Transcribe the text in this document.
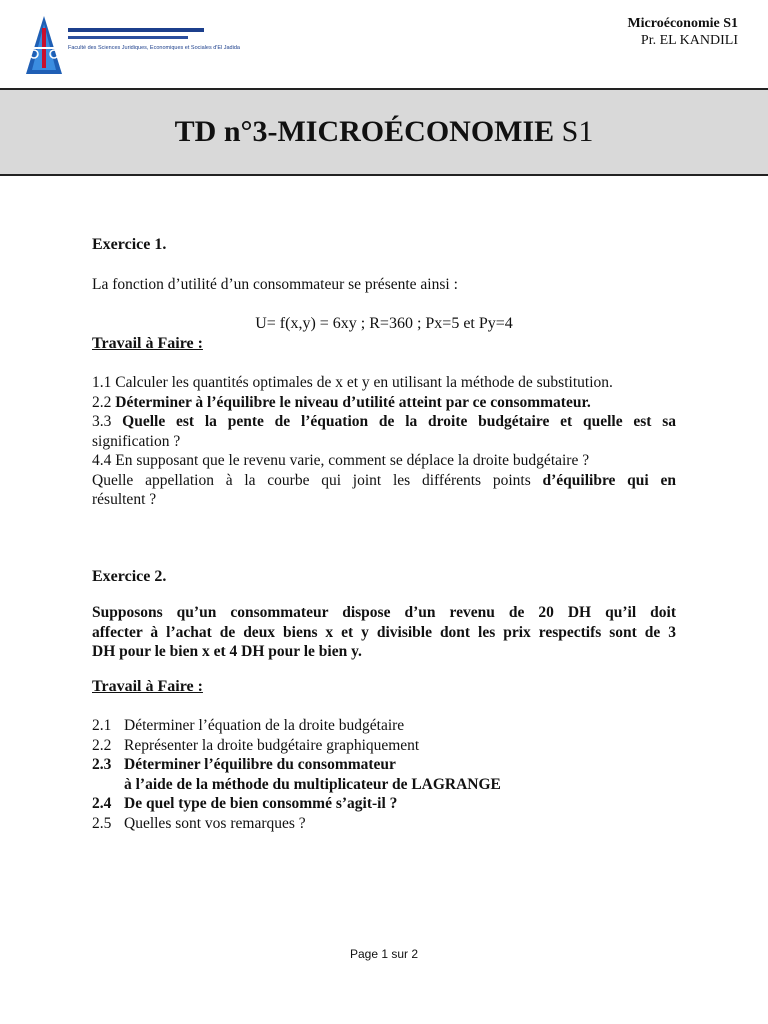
Faculté des Sciences Juridiques, Economiques et Sociales d'El Jadida
Microéconomie S1
Pr. EL KANDILI
TD n°3-MICROÉCONOMIE
S1
Exercice 1.
La fonction d’utilité d’un consommateur se présente ainsi :
U= f(x,y) = 6xy ; R=360 ; Px=5 et Py=4
Travail à Faire :
1.1 Calculer les quantités optimales de x et y en utilisant la méthode de substitution.
2.2 Déterminer à l’équilibre le niveau d’utilité atteint par ce consommateur.
3.3 Quelle est la pente de l’équation de la droite budgétaire et quelle est sa
signification ?
4.4 En supposant que le revenu varie, comment se déplace la droite budgétaire ?
Quelle appellation à la courbe qui joint les différents points d’équilibre qui en
résultent ?
Exercice 2.
Supposons qu’un consommateur dispose d’un revenu de 20 DH qu’il doit
affecter à l’achat de deux biens x et y divisible dont les prix respectifs sont de 3
DH pour le bien x et 4 DH pour le bien y.
Travail à Faire :
2.1 Déterminer l’équation de la droite budgétaire
2.2 Représenter la droite budgétaire graphiquement
2.3 Déterminer l’équilibre du consommateur
à l’aide de la méthode du multiplicateur de LAGRANGE
2.4 De quel type de bien consommé s’agit-il ?
2.5 Quelles sont vos remarques ?
Page 1 sur 2
